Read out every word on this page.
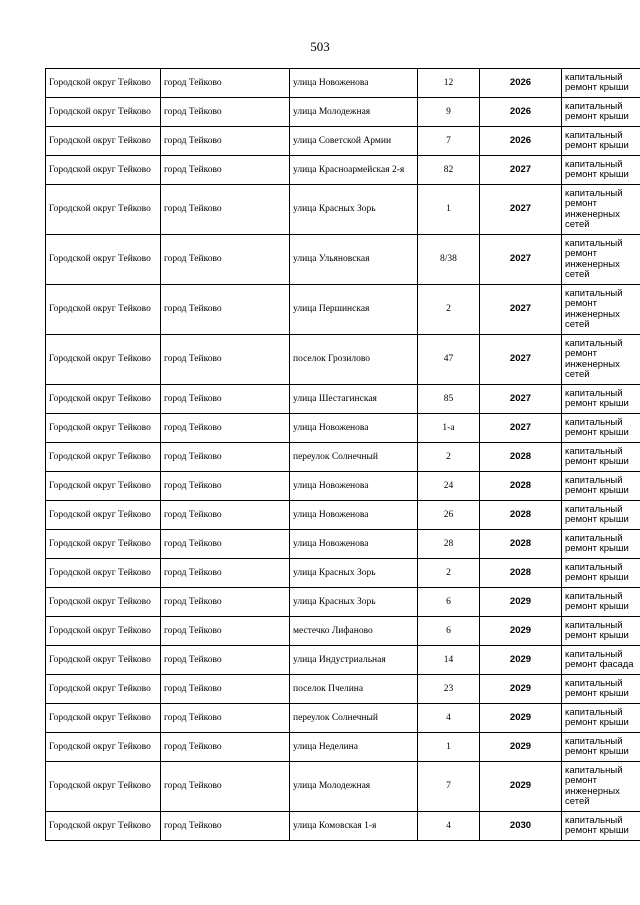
503
Городской округ Тейково	город Тейково	улица Новоженова	12	2026	капитальный ремонт крыши
Городской округ Тейково	город Тейково	улица Молодежная	9	2026	капитальный ремонт крыши
Городской округ Тейково	город Тейково	улица Советской Армии	7	2026	капитальный ремонт крыши
Городской округ Тейково	город Тейково	улица Красноармейская 2-я	82	2027	капитальный ремонт крыши
Городской округ Тейково	город Тейково	улица Красных Зорь	1	2027	капитальный ремонт инженерных сетей
Городской округ Тейково	город Тейково	улица Ульяновская	8/38	2027	капитальный ремонт инженерных сетей
Городской округ Тейково	город Тейково	улица Першинская	2	2027	капитальный ремонт инженерных сетей
Городской округ Тейково	город Тейково	поселок Грозилово	47	2027	капитальный ремонт инженерных сетей
Городской округ Тейково	город Тейково	улица Шестагинская	85	2027	капитальный ремонт крыши
Городской округ Тейково	город Тейково	улица Новоженова	1-а	2027	капитальный ремонт крыши
Городской округ Тейково	город Тейково	переулок Солнечный	2	2028	капитальный ремонт крыши
Городской округ Тейково	город Тейково	улица Новоженова	24	2028	капитальный ремонт крыши
Городской округ Тейково	город Тейково	улица Новоженова	26	2028	капитальный ремонт крыши
Городской округ Тейково	город Тейково	улица Новоженова	28	2028	капитальный ремонт крыши
Городской округ Тейково	город Тейково	улица Красных Зорь	2	2028	капитальный ремонт крыши
Городской округ Тейково	город Тейково	улица Красных Зорь	6	2029	капитальный ремонт крыши
Городской округ Тейково	город Тейково	местечко Лифаново	6	2029	капитальный ремонт крыши
Городской округ Тейково	город Тейково	улица Индустриальная	14	2029	капитальный ремонт фасада
Городской округ Тейково	город Тейково	поселок Пчелина	23	2029	капитальный ремонт крыши
Городской округ Тейково	город Тейково	переулок Солнечный	4	2029	капитальный ремонт крыши
Городской округ Тейково	город Тейково	улица Неделина	1	2029	капитальный ремонт крыши
Городской округ Тейково	город Тейково	улица Молодежная	7	2029	капитальный ремонт инженерных сетей
Городской округ Тейково	город Тейково	улица Комовская 1-я	4	2030	капитальный ремонт крыши
